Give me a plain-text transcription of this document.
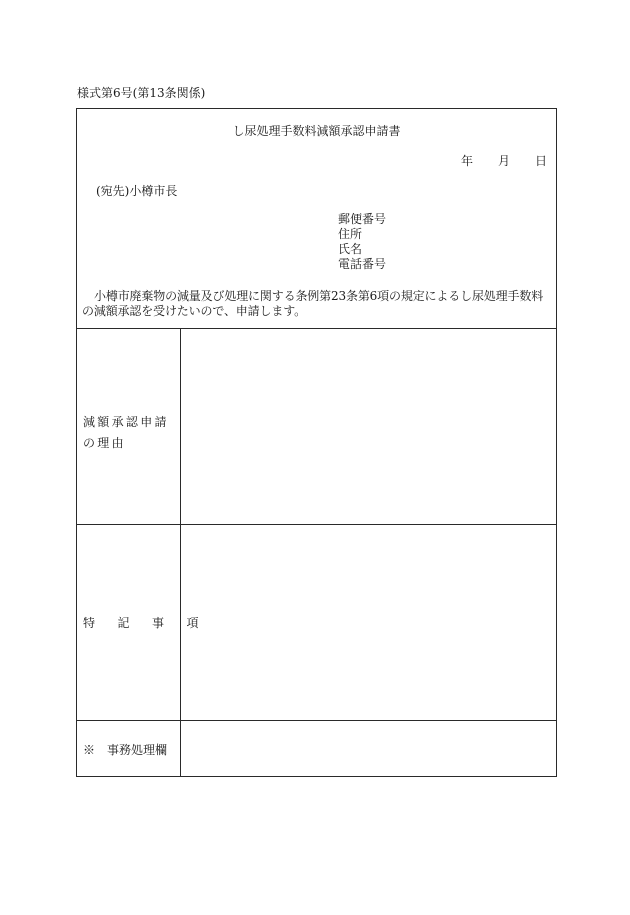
様式第6号(第13条関係)
し尿処理手数料減額承認申請書
年 月 日
(宛先)小樽市長
郵便番号
住所
氏名
電話番号
小樽市廃棄物の減量及び処理に関する条例第23条第6項の規定によるし尿処理手数料の減額承認を受けたいので、申請します。
減額承認申請の理由
特記事項
※　事務処理欄
